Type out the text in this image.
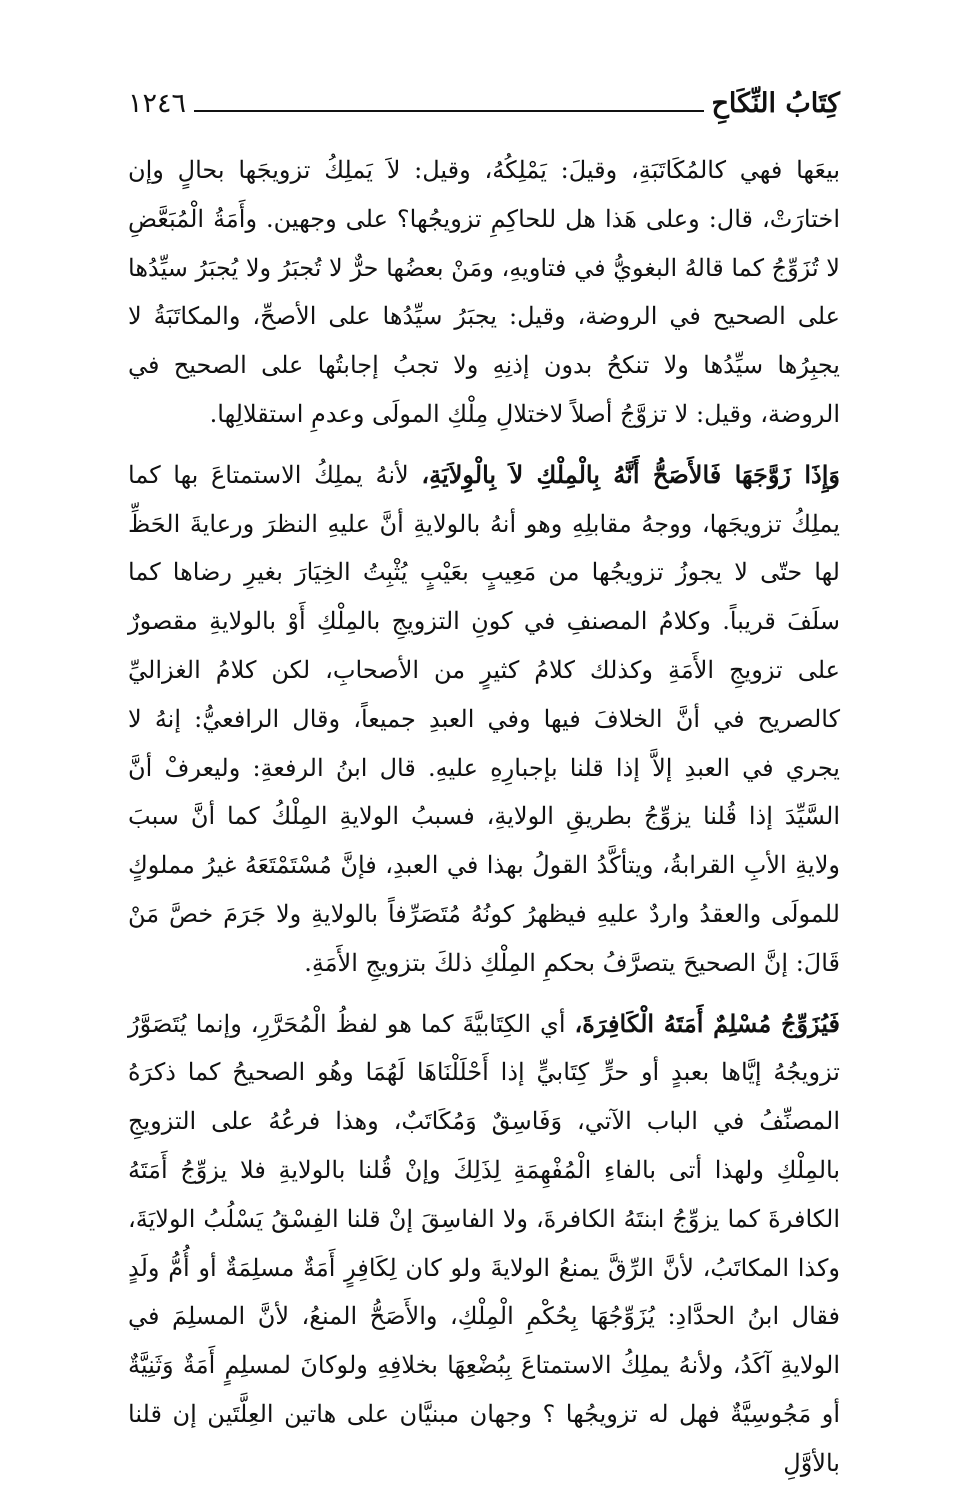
كِتَابُ النِّكَاحِ
١٢٤٦

بيعَها فهي كالمُكَاتَبَةِ، وقيلَ: يَمْلِكُهُ، وقيل: لاَ يَملِكُ تزويجَها بحالٍ وإن اختارَتْ، قال: وعلى هَذا هل للحاكِمِ تزويجُها؟ على وجهين. وأَمَةُ الْمُبَعَّضِ لا تُزَوِّجُ كما قالهُ البغويُّ في فتاويهِ، ومَنْ بعضُها حرٌّ لا تُجبَرُ ولا يُجبَرُ سيِّدُها على الصحيح في الروضة، وقيل: يجبَرُ سيِّدُها على الأصحِّ، والمكاتَبَةُ لا يجبِرُها سيِّدُها ولا تنكحُ بدون إذنِهِ ولا تجبُ إجابتُها على الصحيح في الروضة، وقيل: لا تزوَّجُ أصلاً لاختلالِ مِلْكِ المولَى وعدمِ استقلالِها.

وَإِذَا زَوَّجَهَا فَالأَصَحُّ أَنَّهُ بِالْمِلْكِ لاَ بِالْوِلاَيَةِ، لأنهُ يملِكُ الاستمتاعَ بها كما يملِكُ تزويجَها، ووجهُ مقابلِهِ وهو أنهُ بالولايةِ أنَّ عليهِ النظرَ ورعايةَ الحَظِّ لها حتّى لا يجوزُ تزويجُها من مَعِيبٍ بعَيْبٍ يُثْبِتُ الخِيَارَ بغيرِ رضاها كما سلَفَ قريباً. وكلامُ المصنفِ في كونِ التزويجِ بالمِلْكِ أَوْ بالولايةِ مقصورٌ على تزويجِ الأَمَةِ وكذلك كلامُ كثيرٍ من الأصحابِ، لكن كلامُ الغزاليِّ كالصريح في أنَّ الخلافَ فيها وفي العبدِ جميعاً، وقال الرافعيُّ: إنهُ لا يجري في العبدِ إلاَّ إذا قلنا بإجبارِهِ عليهِ. قال ابنُ الرفعةِ: وليعرفْ أنَّ السَّيِّدَ إذا قُلنا يزوِّجُ بطريقِ الولايةِ، فسببُ الولايةِ المِلْكُ كما أنَّ سببَ ولايةِ الأبِ القرابةُ، ويتأكَّدُ القولُ بهذا في العبدِ، فإنَّ مُسْتَمْتَعَهُ غيرُ مملوكٍ للمولَى والعقدُ واردٌ عليهِ فيظهرُ كونُهُ مُتَصَرِّفاً بالولايةِ ولا جَرَمَ خصَّ مَنْ قَالَ: إنَّ الصحيحَ يتصرَّفُ بحكمِ المِلْكِ ذلكَ بتزويجِ الأَمَةِ.

فَيُزَوِّجُ مُسْلِمٌ أَمَتَهُ الْكَافِرَةَ، أي الكِتَابيَّةَ كما هو لفظُ الْمُحَرَّرِ، وإنما يُتَصَوَّرُ تزويجُهُ إيَّاها بعبدٍ أو حرٍّ كِتَابيٍّ إذا أَحْلَلْنَاهَا لَهُمَا وهُو الصحيحُ كما ذكرَهُ المصنِّفُ في الباب الآتي، وَفَاسِقٌ وَمُكَاتَبٌ، وهذا فرعُهُ على التزويجِ بالمِلْكِ ولهذا أتى بالفاءِ الْمُفْهِمَةِ لِذَلِكَ وإنْ قُلنا بالولايةِ فلا يزوِّجُ أَمَتَهُ الكافرةَ كما يزوِّجُ ابنتَهُ الكافرةَ، ولا الفاسِقَ إنْ قلنا الفِسْقُ يَسْلُبُ الولايَةَ، وكذا المكاتَبُ، لأنَّ الرِّقَّ يمنعُ الولايةَ ولو كان لِكَافِرٍ أَمَةٌ مسلِمَةٌ أو أُمُّ ولَدٍ فقال ابنُ الحدَّادِ: يُزَوِّجُهَا بِحُكْمِ الْمِلْكِ، والأَصَحُّ المنعُ، لأنَّ المسلِمَ في الولايةِ آكَدُ، ولأنهُ يملِكُ الاستمتاعَ بِبُضْعِهَا بخلافِهِ ولوكانَ لمسلِمٍ أَمَةٌ وَثَنِيَّةٌ أو مَجُوسِيَّةٌ فهل له تزويجُها ؟ وجهان مبنيَّان على هاتين العِلَّتَين إن قلنا بالأوَّلِ
